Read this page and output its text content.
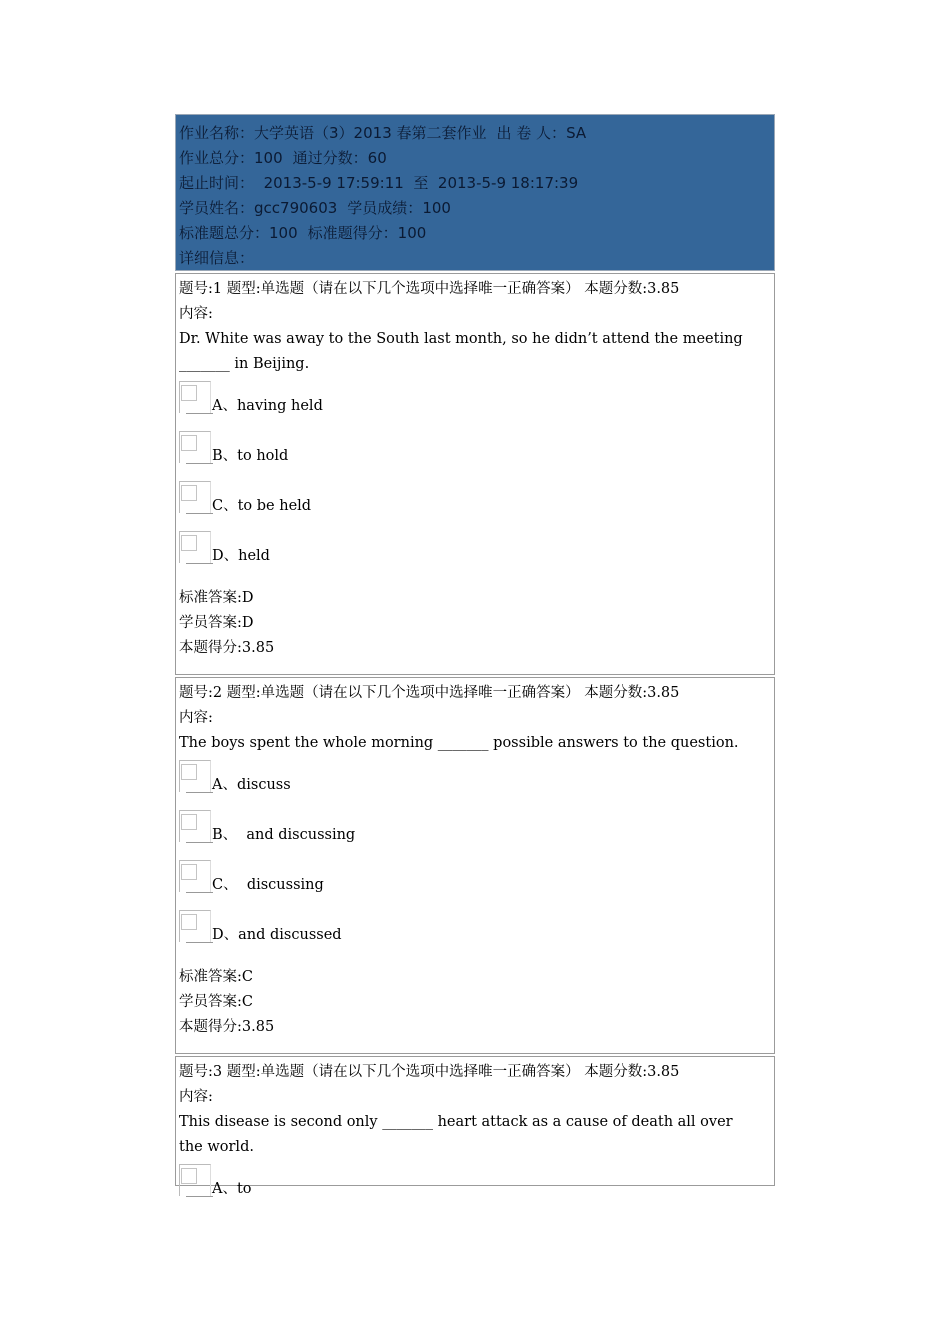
作业名称：大学英语（3）2013 春第二套作业 出 卷 人：SA
作业总分：100 通过分数：60
起止时间： 2013-5-9 17:59:11 至 2013-5-9 18:17:39
学员姓名：gcc790603 学员成绩：100
标准题总分：100 标准题得分：100
详细信息：
题号:1 题型:单选题（请在以下几个选项中选择唯一正确答案） 本题分数:3.85
内容:
Dr. White was away to the South last month, so he didn’t attend the meeting _______ in Beijing.
A、having held
B、to hold
C、to be held
D、held
标准答案:D
学员答案:D
本题得分:3.85
题号:2 题型:单选题（请在以下几个选项中选择唯一正确答案） 本题分数:3.85
内容:
The boys spent the whole morning _______ possible answers to the question.
A、discuss
B、  and discussing
C、  discussing
D、and discussed
标准答案:C
学员答案:C
本题得分:3.85
题号:3 题型:单选题（请在以下几个选项中选择唯一正确答案） 本题分数:3.85
内容:
This disease is second only _______ heart attack as a cause of death all over the world.
A、to
